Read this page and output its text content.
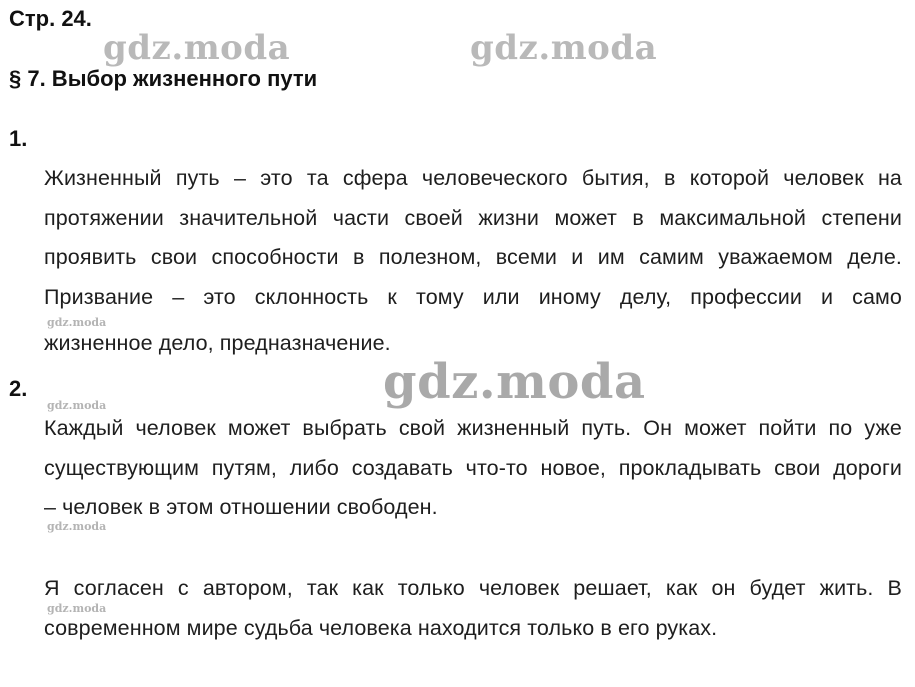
Стр. 24.
§ 7. Выбор жизненного пути
gdz.moda	gdz.moda
gdz.moda
gdz.moda
gdz.moda
gdz.moda
gdz.moda
1.
Жизненный путь – это та сфера человеческого бытия, в которой человек на
протяжении значительной части своей жизни может в максимальной степени
проявить свои способности в полезном, всеми и им самим уважаемом деле.
Призвание – это склонность к тому или иному делу, профессии и само
жизненное дело, предназначение.
2.
Каждый человек может выбрать свой жизненный путь. Он может пойти по уже
существующим путям, либо создавать что-то новое, прокладывать свои дороги
– человек в этом отношении свободен.
Я согласен с автором, так как только человек решает, как он будет жить. В
современном мире судьба человека находится только в его руках.
